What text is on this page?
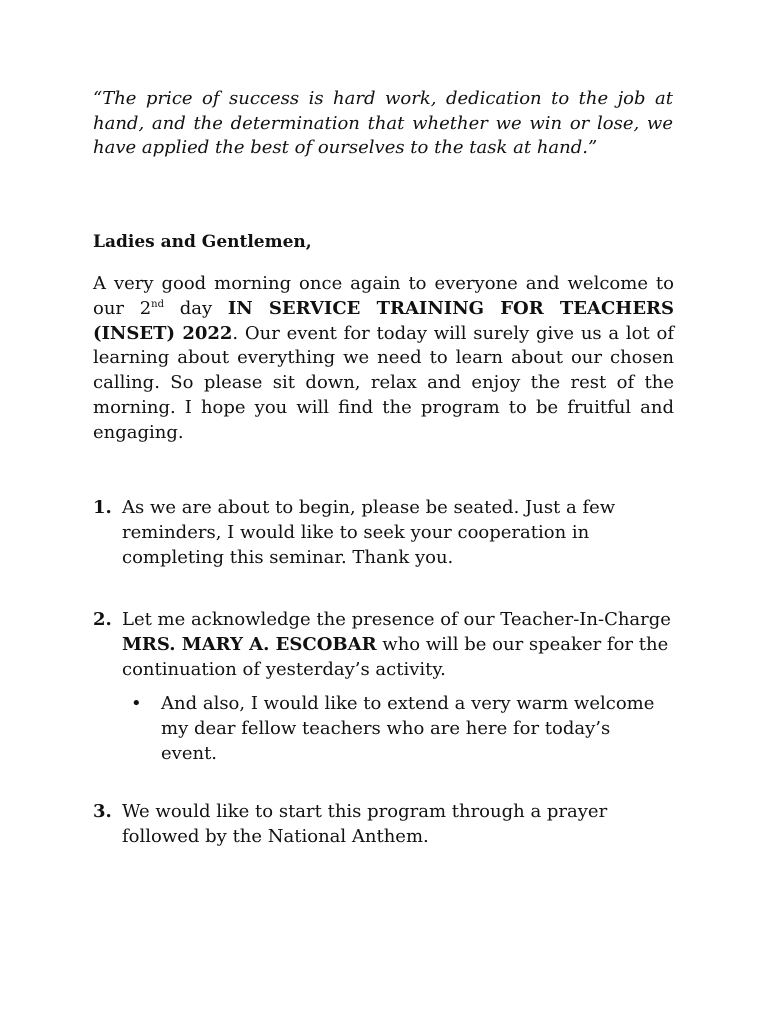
“The price of success is hard work, dedication to the job at hand, and the determination that whether we win or lose, we have applied the best of ourselves to the task at hand.”

Ladies and Gentlemen,

A very good morning once again to everyone and welcome to our 2nd day IN SERVICE TRAINING FOR TEACHERS (INSET) 2022. Our event for today will surely give us a lot of learning about everything we need to learn about our chosen calling. So please sit down, relax and enjoy the rest of the morning. I hope you will find the program to be fruitful and engaging.

1. As we are about to begin, please be seated. Just a few reminders, I would like to seek your cooperation in completing this seminar. Thank you.
2. Let me acknowledge the presence of our Teacher-In-Charge MRS. MARY A. ESCOBAR who will be our speaker for the continuation of yesterday’s activity.
• And also, I would like to extend a very warm welcome my dear fellow teachers who are here for today’s event.
3. We would like to start this program through a prayer followed by the National Anthem.
